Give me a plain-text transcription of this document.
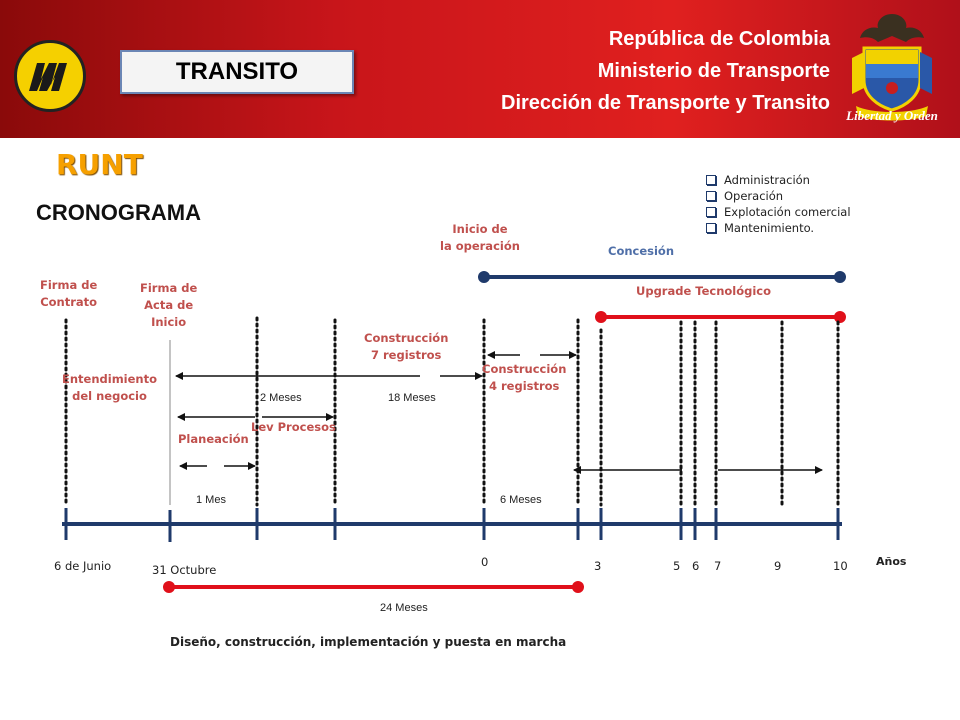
TRANSITO
República de Colombia
Ministerio de Transporte
Dirección de Transporte y Transito
Libertad y Orden
RUNT
CRONOGRAMA
Administración
Operación
Explotación comercial
Mantenimiento.
Firma de
Contrato
Firma de
Acta de
Inicio
Inicio de
la operación	Concesión
Upgrade Tecnológico
Construcción
7 registros
Construcción
4 registros
Entendimiento
del negocio
Planeación
Lev Procesos
2 Meses	18 Meses
1 Mes	6 Meses
24 Meses
6 de Junio	31 Octubre
0	3	5 6 7	9	10	Años
Diseño, construcción, implementación y puesta en marcha
